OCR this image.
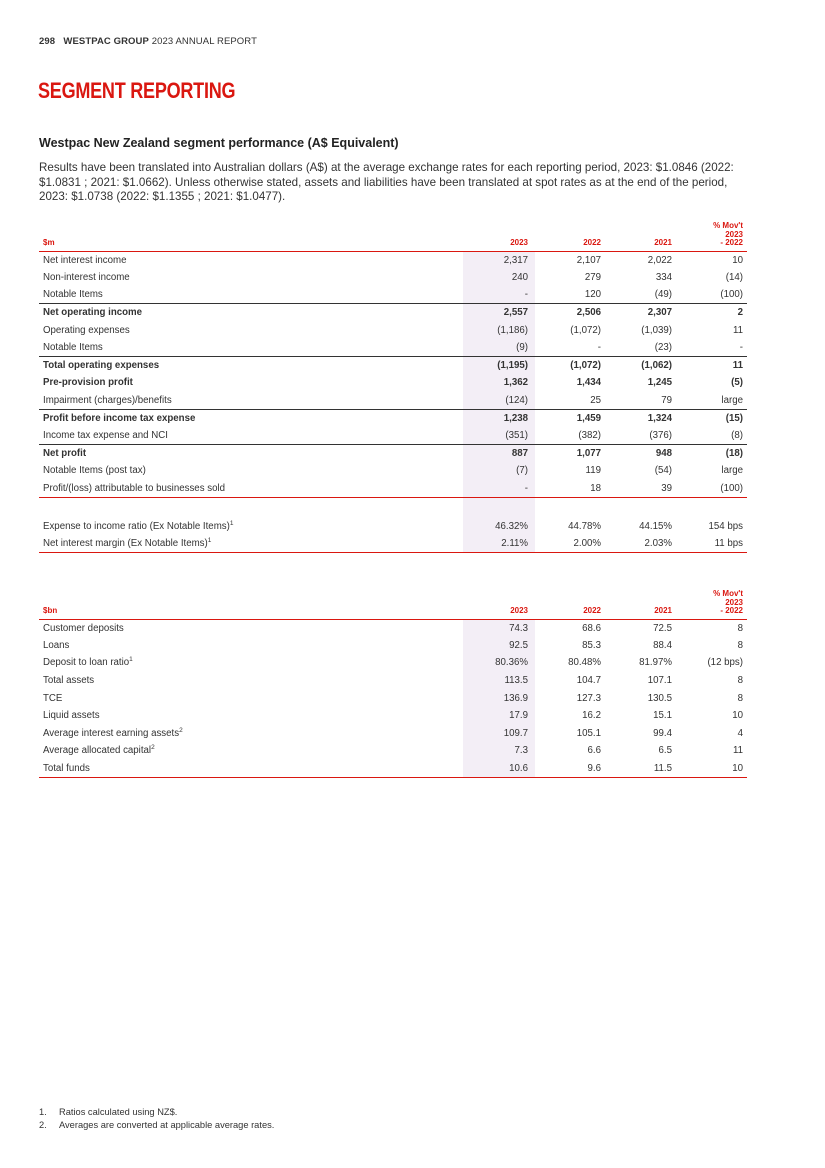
298 WESTPAC GROUP 2023 ANNUAL REPORT
SEGMENT REPORTING
Westpac New Zealand segment performance (A$ Equivalent)

Results have been translated into Australian dollars (A$) at the average exchange rates for each reporting period, 2023: $1.0846 (2022: $1.0831 ; 2021: $1.0662). Unless otherwise stated, assets and liabilities have been translated at spot rates as at the end of the period, 2023: $1.0738 (2022: $1.1355 ; 2021: $1.0477).

$m	2023	2022	2021	% Mov't
2023
- 2022

Net interest income	2,317	2,107	2,022	10
Non-interest income	240	279	334	(14)
Notable Items	-	120	(49)	(100)
Net operating income	2,557	2,506	2,307	2
Operating expenses	(1,186)	(1,072)	(1,039)	11
Notable Items	(9)	-	(23)	-
Total operating expenses	(1,195)	(1,072)	(1,062)	11
Pre-provision profit	1,362	1,434	1,245	(5)
Impairment (charges)/benefits	(124)	25	79	large
Profit before income tax expense	1,238	1,459	1,324	(15)
Income tax expense and NCI	(351)	(382)	(376)	(8)
Net profit	887	1,077	948	(18)
Notable Items (post tax)	(7)	119	(54)	large
Profit/(loss) attributable to businesses sold	-	18	39	(100)

Expense to income ratio (Ex Notable Items)$^1$	46.32%	44.78%	44.15%	154 bps
Net interest margin (Ex Notable Items)$^1$	2.11%	2.00%	2.03%	11 bps
$bn	2023	2022	2021	% Mov't
2023
- 2022

Customer deposits	74.3	68.6	72.5	8
Loans	92.5	85.3	88.4	8
Deposit to loan ratio$^1$	80.36%	80.48%	81.97%	(12 bps)
Total assets	113.5	104.7	107.1	8
TCE	136.9	127.3	130.5	8
Liquid assets	17.9	16.2	15.1	10
Average interest earning assets$^2$	109.7	105.1	99.4	4
Average allocated capital$^2$	7.3	6.6	6.5	11
Total funds	10.6	9.6	11.5	10
1.	Ratios calculated using NZ$.
2.	Averages are converted at applicable average rates.
